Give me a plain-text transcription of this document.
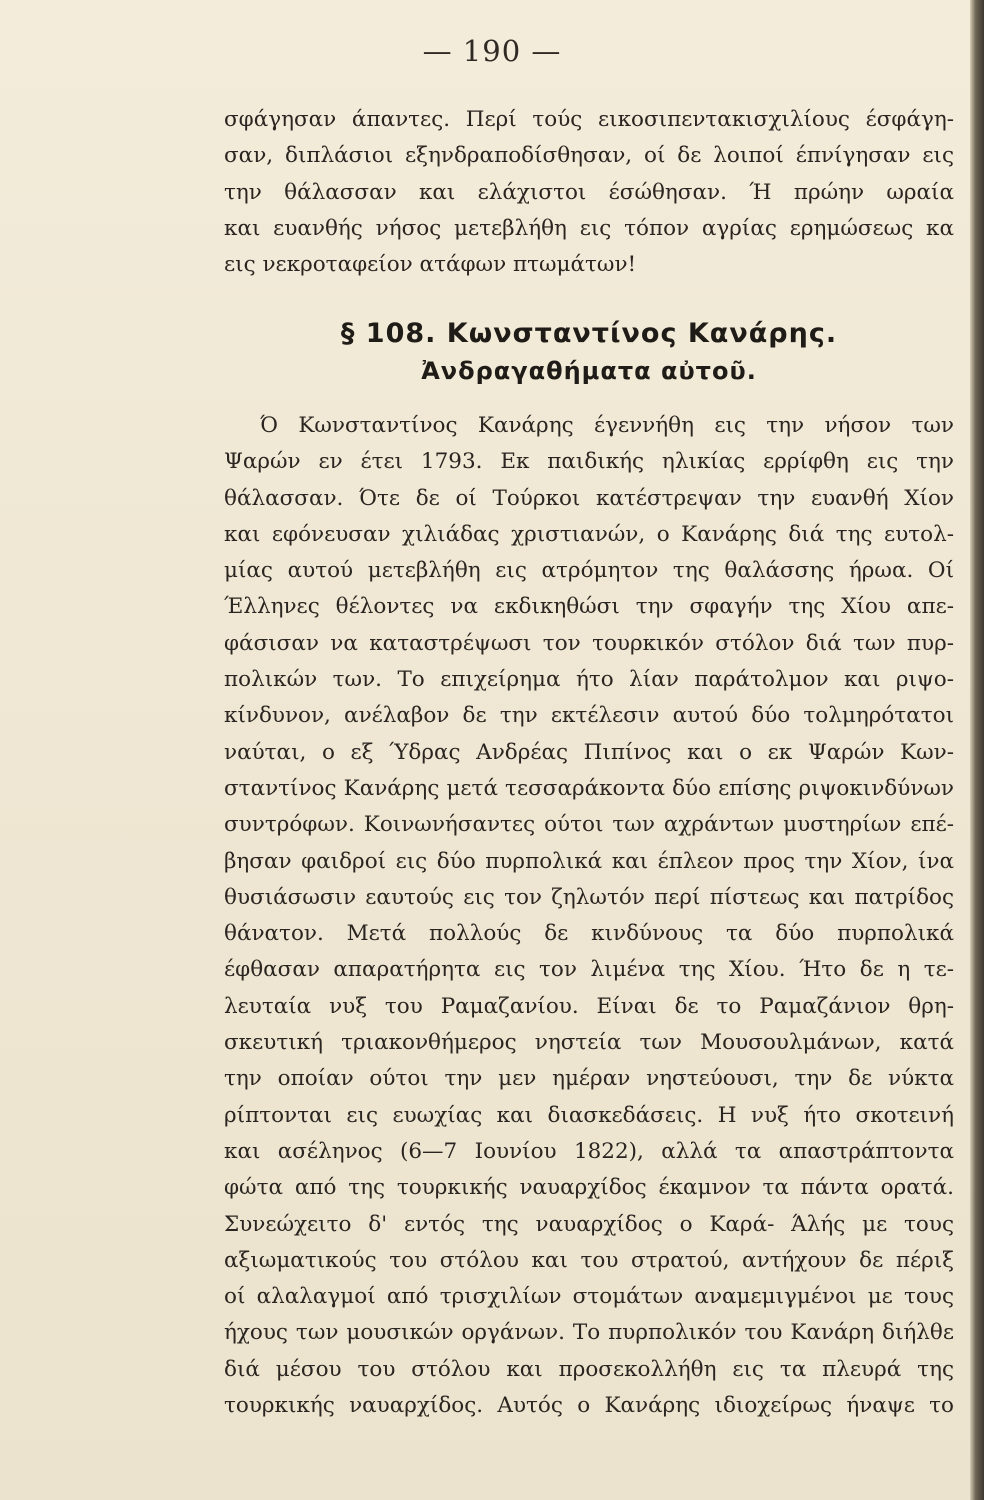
— 190 —
σφάγησαν άπαντες. Περί τούς εικοσιπεντακισχιλίους έσφάγη-
σαν, διπλάσιοι εξηνδραποδίσθησαν, οί δε λοιποί έπνίγησαν εις
την θάλασσαν και ελάχιστοι έσώθησαν. Ή πρώην ωραία
και ευανθής νήσος μετεβλήθη εις τόπον αγρίας ερημώσεως κα
εις νεκροταφείον ατάφων πτωμάτων!
§ 108. Κωνσταντίνος Κανάρης.
Ἀνδραγαθήματα αὐτοῦ.
Ό Κωνσταντίνος Κανάρης έγεννήθη εις την νήσον των
Ψαρών εν έτει 1793. Εκ παιδικής ηλικίας ερρίφθη εις την
θάλασσαν. Ότε δε οί Τούρκοι κατέστρεψαν την ευανθή Χίον
και εφόνευσαν χιλιάδας χριστιανών, ο Κανάρης διά της ευτολ-
μίας αυτού μετεβλήθη εις ατρόμητον της θαλάσσης ήρωα. Οί
Έλληνες θέλοντες να εκδικηθώσι την σφαγήν της Χίου απε-
φάσισαν να καταστρέψωσι τον τουρκικόν στόλον διά των πυρ-
πολικών των. Το επιχείρημα ήτο λίαν παράτολμον και ριψο-
κίνδυνον, ανέλαβον δε την εκτέλεσιν αυτού δύο τολμηρότατοι
ναύται, ο εξ Ύδρας Ανδρέας Πιπίνος και ο εκ Ψαρών Κων-
σταντίνος Κανάρης μετά τεσσαράκοντα δύο επίσης ριψοκινδύνων
συντρόφων. Κοινωνήσαντες ούτοι των αχράντων μυστηρίων επέ-
βησαν φαιδροί εις δύο πυρπολικά και έπλεον προς την Χίον, ίνα
θυσιάσωσιν εαυτούς εις τον ζηλωτόν περί πίστεως και πατρίδος
θάνατον. Μετά πολλούς δε κινδύνους τα δύο πυρπολικά
έφθασαν απαρατήρητα εις τον λιμένα της Χίου. Ήτο δε η τε-
λευταία νυξ του Ραμαζανίου. Είναι δε το Ραμαζάνιον θρη-
σκευτική τριακονθήμερος νηστεία των Μουσουλμάνων, κατά
την οποίαν ούτοι την μεν ημέραν νηστεύουσι, την δε νύκτα
ρίπτονται εις ευωχίας και διασκεδάσεις. Η νυξ ήτο σκοτεινή
και ασέληνος (6—7 Ιουνίου 1822), αλλά τα απαστράπτοντα
φώτα από της τουρκικής ναυαρχίδος έκαμνον τα πάντα ορατά.
Συνεώχειτο δ' εντός της ναυαρχίδος ο Καρά- Άλής με τους
αξιωματικούς του στόλου και του στρατού, αντήχουν δε πέριξ
οί αλαλαγμοί από τρισχιλίων στομάτων αναμεμιγμένοι με τους
ήχους των μουσικών οργάνων. Το πυρπολικόν του Κανάρη διήλθε
διά μέσου του στόλου και προσεκολλήθη εις τα πλευρά της
τουρκικής ναυαρχίδος. Αυτός ο Κανάρης ιδιοχείρως ήναψε το
